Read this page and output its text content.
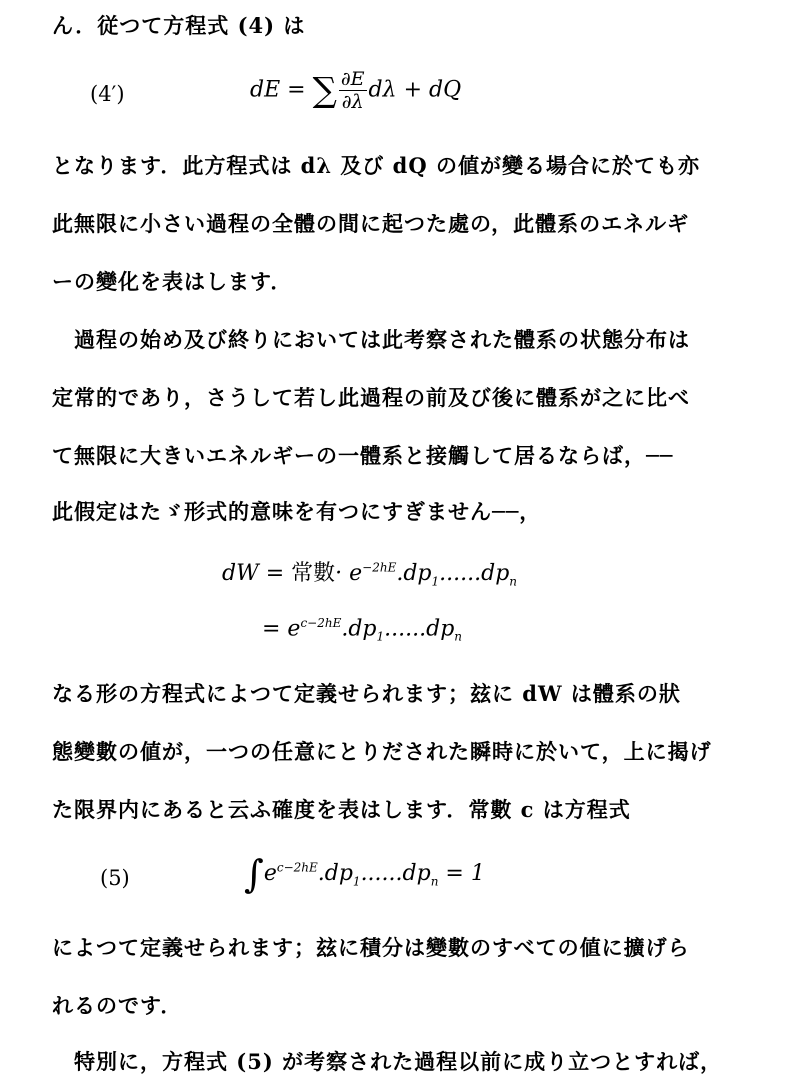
ん．従つて方程式 (4) は
(4′)	dE = ∑ $\frac{\partial E}{\partial\lambda}$ dλ + dQ
となります．此方程式は dλ 及び dQ の値が變る場合に於ても亦
此無限に小さい過程の全體の間に起つた處の，此體系のエネルギ
ーの變化を表はします．
過程の始め及び終りにおいては此考察された體系の状態分布は
定常的であり，さうして若し此過程の前及び後に體系が之に比べ
て無限に大きいエネルギーの一體系と接觸して居るならば，──
此假定はたゞ形式的意味を有つにすぎません──，
dW = 常數· $e^{-2hE}.dp_1......dp_n$
= $e^{c-2hE}.dp_1......dp_n$
なる形の方程式によつて定義せられます；玆に dW は體系の狀
態變數の値が，一つの任意にとりだされた瞬時に於いて，上に揭げ
た限界内にあると云ふ確度を表はします．常數 c は方程式
(5)	$\int e^{c-2hE}.dp_1......dp_n = 1$
によつて定義せられます；玆に積分は變數のすべての値に擴げら
れるのです．
特別に，方程式 (5) が考察された過程以前に成り立つとすれば，
